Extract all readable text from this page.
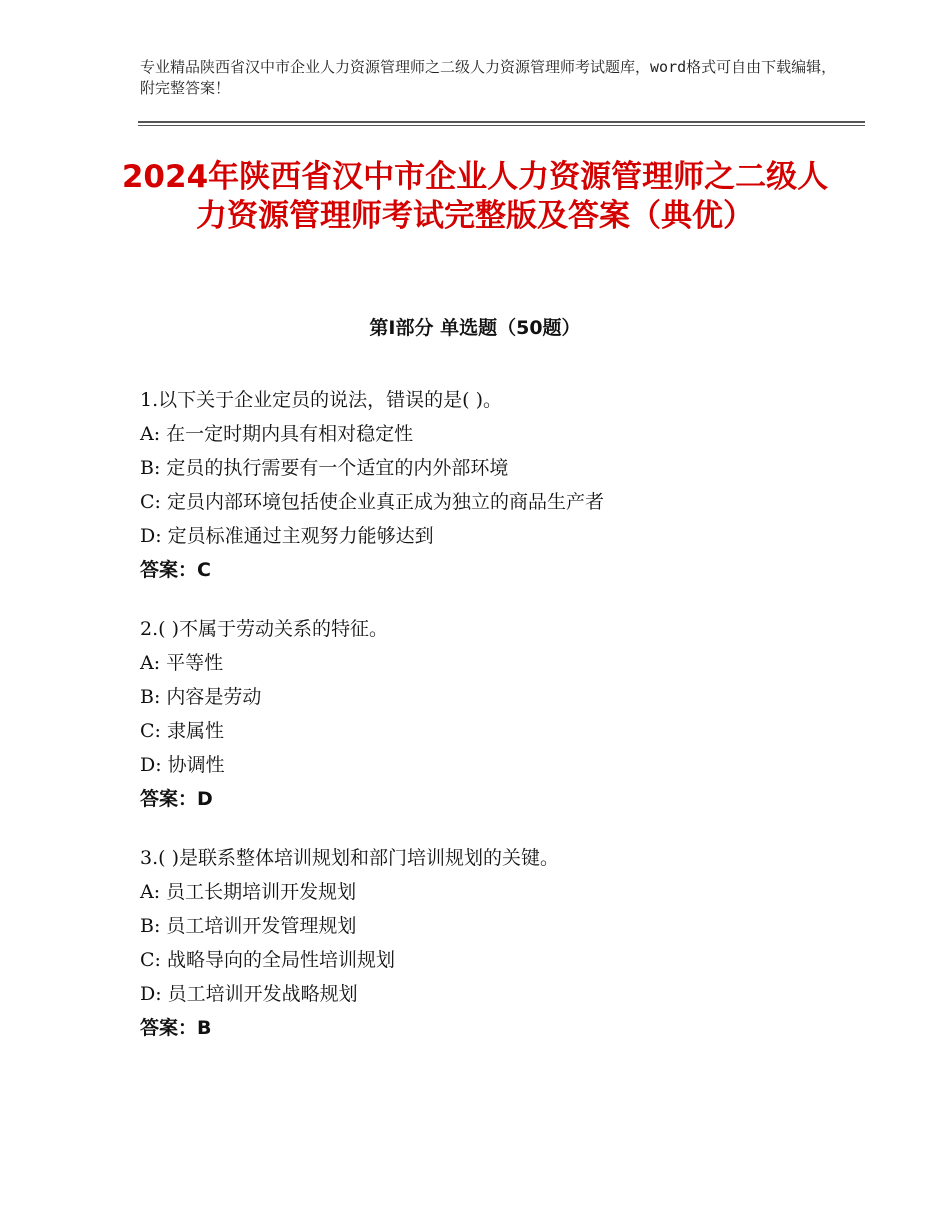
专业精品陕西省汉中市企业人力资源管理师之二级人力资源管理师考试题库，word格式可自由下载编辑，附完整答案！
2024年陕西省汉中市企业人力资源管理师之二级人力资源管理师考试完整版及答案（典优）
第Ⅰ部分 单选题（50题）
1.以下关于企业定员的说法，错误的是( )。
A: 在一定时期内具有相对稳定性
B: 定员的执行需要有一个适宜的内外部环境
C: 定员内部环境包括使企业真正成为独立的商品生产者
D: 定员标准通过主观努力能够达到
答案：C
2.( )不属于劳动关系的特征。
A: 平等性
B: 内容是劳动
C: 隶属性
D: 协调性
答案：D
3.( )是联系整体培训规划和部门培训规划的关键。
A: 员工长期培训开发规划
B: 员工培训开发管理规划
C: 战略导向的全局性培训规划
D: 员工培训开发战略规划
答案：B
